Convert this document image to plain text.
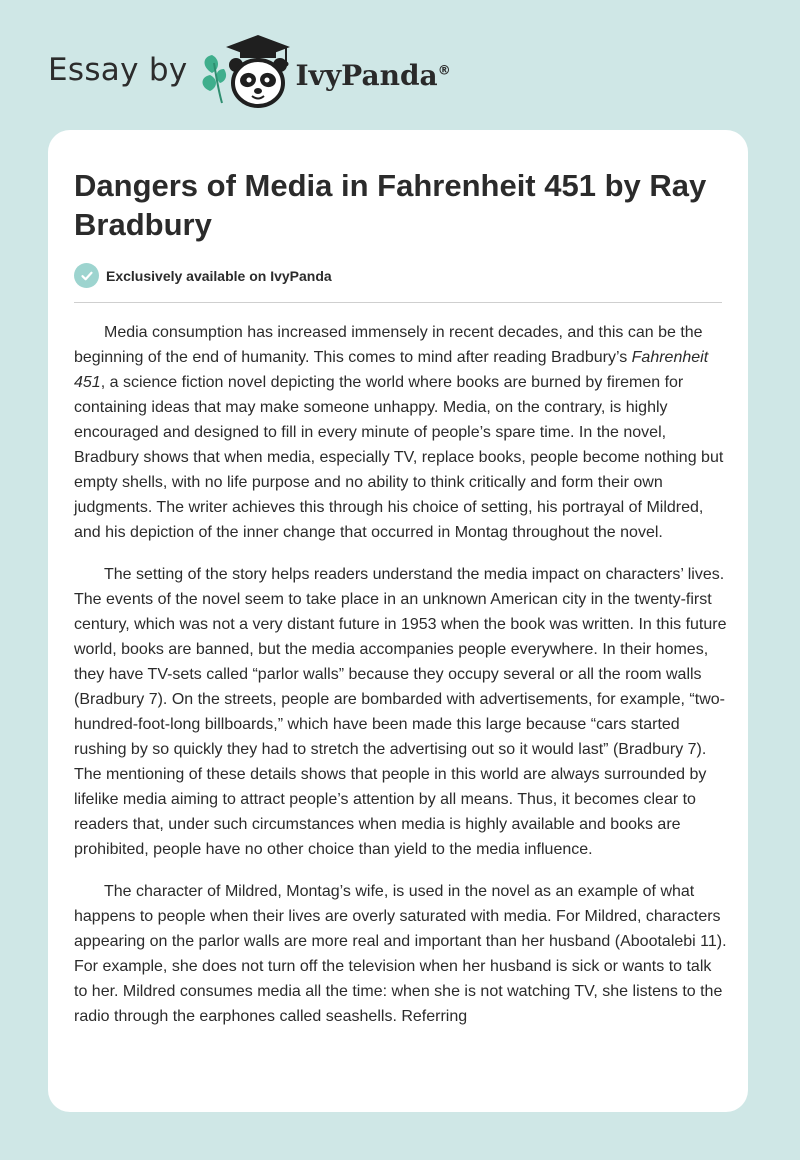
Essay by	IvyPanda®
Dangers of Media in Fahrenheit 451 by Ray Bradbury
Exclusively available on IvyPanda

Media consumption has increased immensely in recent decades, and this can be the beginning of the end of humanity. This comes to mind after reading Bradbury’s Fahrenheit 451, a science fiction novel depicting the world where books are burned by firemen for containing ideas that may make someone unhappy. Media, on the contrary, is highly encouraged and designed to fill in every minute of people’s spare time. In the novel, Bradbury shows that when media, especially TV, replace books, people become nothing but empty shells, with no life purpose and no ability to think critically and form their own judgments. The writer achieves this through his choice of setting, his portrayal of Mildred, and his depiction of the inner change that occurred in Montag throughout the novel.

The setting of the story helps readers understand the media impact on characters’ lives. The events of the novel seem to take place in an unknown American city in the twenty-first century, which was not a very distant future in 1953 when the book was written. In this future world, books are banned, but the media accompanies people everywhere. In their homes, they have TV-sets called “parlor walls” because they occupy several or all the room walls (Bradbury 7). On the streets, people are bombarded with advertisements, for example, “two-hundred-foot-long billboards,” which have been made this large because “cars started rushing by so quickly they had to stretch the advertising out so it would last” (Bradbury 7). The mentioning of these details shows that people in this world are always surrounded by lifelike media aiming to attract people’s attention by all means. Thus, it becomes clear to readers that, under such circumstances when media is highly available and books are prohibited, people have no other choice than yield to the media influence.

The character of Mildred, Montag’s wife, is used in the novel as an example of what happens to people when their lives are overly saturated with media. For Mildred, characters appearing on the parlor walls are more real and important than her husband (Abootalebi 11). For example, she does not turn off the television when her husband is sick or wants to talk to her. Mildred consumes media all the time: when she is not watching TV, she listens to the radio through the earphones called seashells. Referring
